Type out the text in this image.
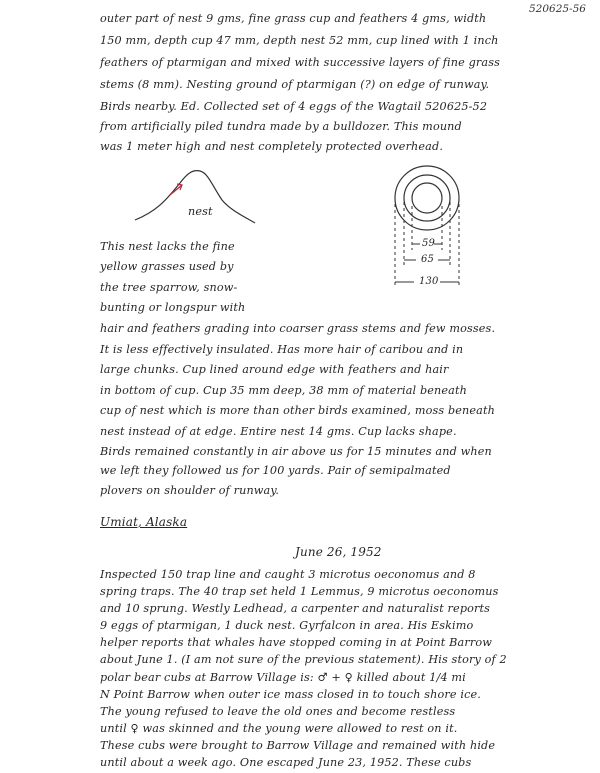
520625-56
outer part of nest 9 gms, fine grass cup and feathers 4 gms, width
150 mm, depth cup 47 mm, depth nest 52 mm, cup lined with 1 inch
feathers of ptarmigan and mixed with successive layers of fine grass
stems (8 mm). Nesting ground of ptarmigan (?) on edge of runway.
Birds nearby. Ed. Collected set of 4 eggs of the Wagtail 520625-52
from artificially piled tundra made by a bulldozer. This mound
was 1 meter high and nest completely protected overhead.
nest
59
65
130
This nest lacks the fine
yellow grasses used by
the tree sparrow, snow-
bunting or longspur with
hair and feathers grading into coarser grass stems and few mosses.
It is less effectively insulated. Has more hair of caribou and in
large chunks. Cup lined around edge with feathers and hair
in bottom of cup. Cup 35 mm deep, 38 mm of material beneath
cup of nest which is more than other birds examined, moss beneath
nest instead of at edge. Entire nest 14 gms. Cup lacks shape.
Birds remained constantly in air above us for 15 minutes and when
we left they followed us for 100 yards. Pair of semipalmated
plovers on shoulder of runway.
Umiat, Alaska
June 26, 1952
Inspected 150 trap line and caught 3 microtus oeconomus and 8
spring traps. The 40 trap set held 1 Lemmus, 9 microtus oeconomus
and 10 sprung. Westly Ledhead, a carpenter and naturalist reports
9 eggs of ptarmigan, 1 duck nest. Gyrfalcon in area. His Eskimo
helper reports that whales have stopped coming in at Point Barrow
about June 1. (I am not sure of the previous statement). His story of 2
polar bear cubs at Barrow Village is: ♂ + ♀ killed about 1/4 mi
N Point Barrow when outer ice mass closed in to touch shore ice.
The young refused to leave the old ones and become restless
until ♀ was skinned and the young were allowed to rest on it.
These cubs were brought to Barrow Village and remained with hide
until about a week ago. One escaped June 23, 1952. These cubs
